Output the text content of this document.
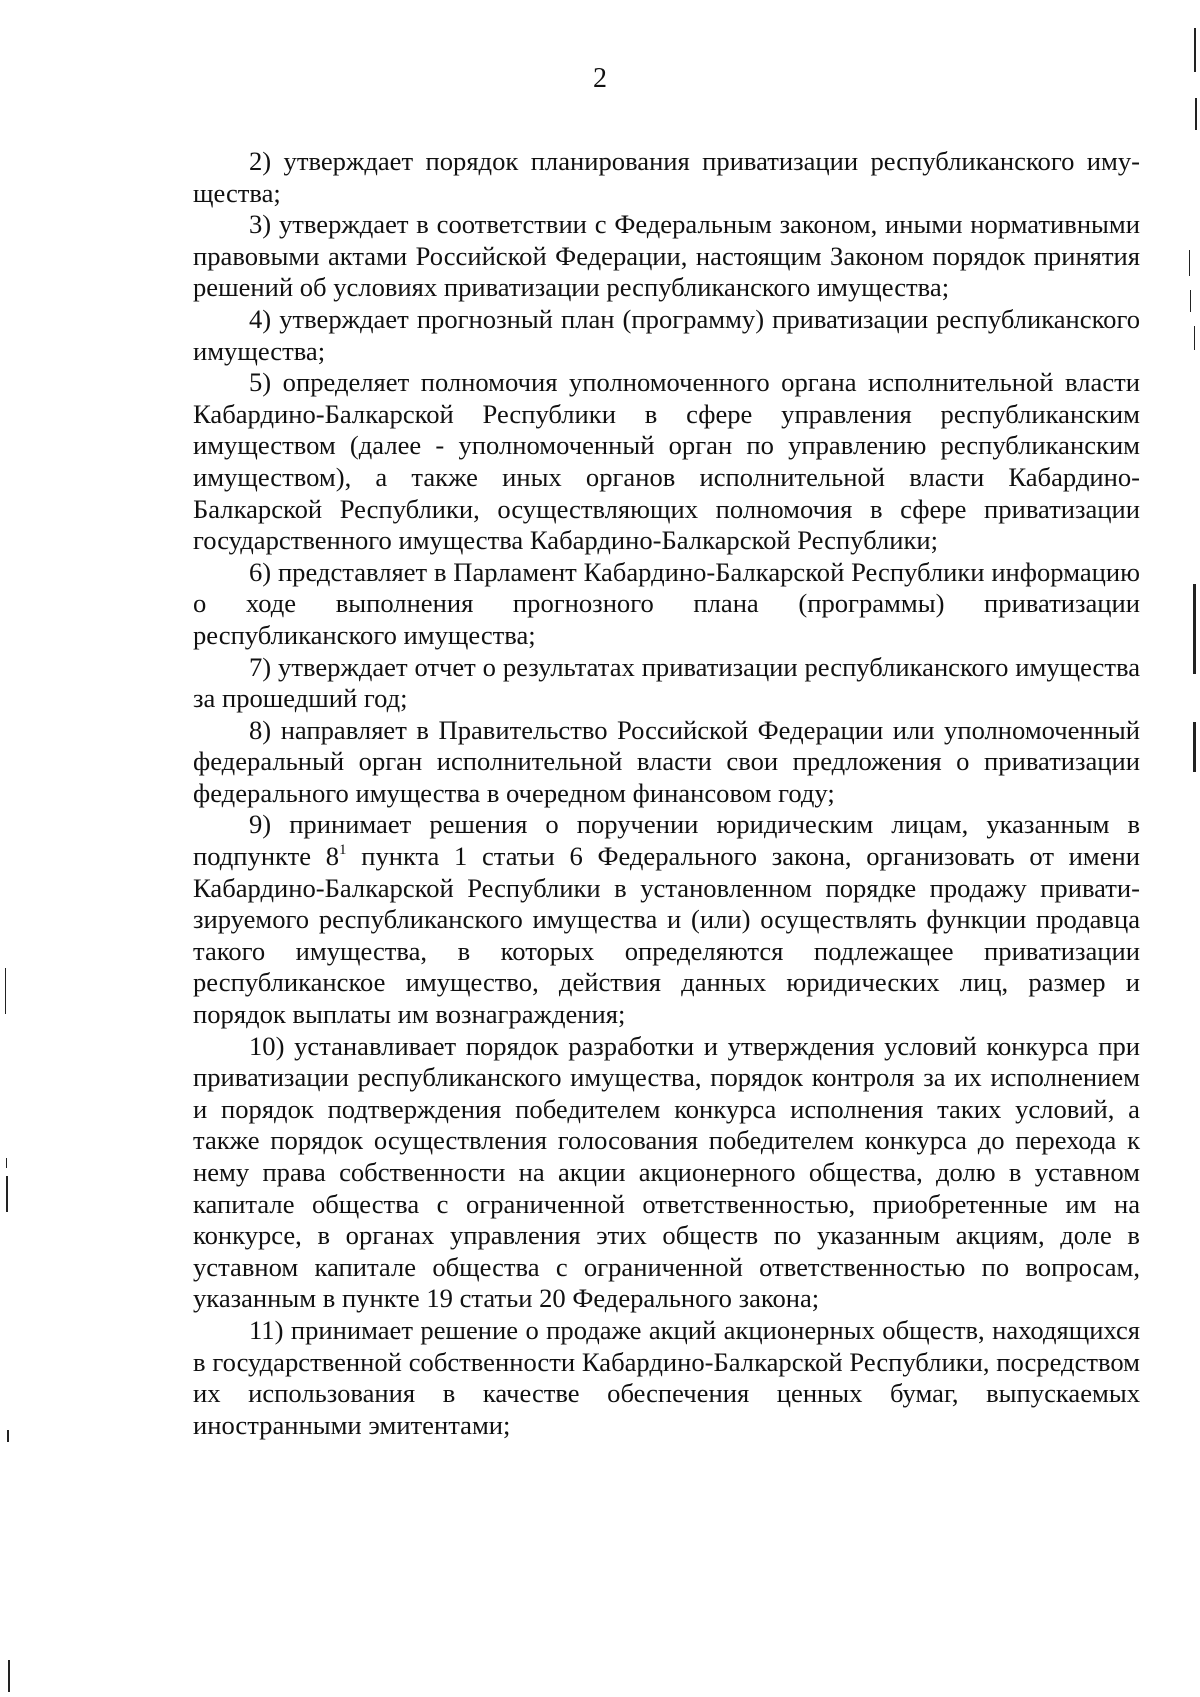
2

2) утверждает порядок планирования приватизации республиканского имущества;

3) утверждает в соответствии с Федеральным законом, иными нормативными правовыми актами Российской Федерации, настоящим Законом порядок принятия решений об условиях приватизации республиканского имущества;

4) утверждает прогнозный план (программу) приватизации республиканского имущества;

5) определяет полномочия уполномоченного органа исполнительной власти Кабардино-Балкарской Республики в сфере управления республиканским имуществом (далее - уполномоченный орган по управлению республиканским имуществом), а также иных органов исполнительной власти Кабардино-Балкарской Республики, осуществляющих полномочия в сфере приватизации государственного имущества Кабардино-Балкарской Республики;

6) представляет в Парламент Кабардино-Балкарской Республики информацию о ходе выполнения прогнозного плана (программы) приватизации республиканского имущества;

7) утверждает отчет о результатах приватизации республиканского имущества за прошедший год;

8) направляет в Правительство Российской Федерации или уполномоченный федеральный орган исполнительной власти свои предложения о приватизации федерального имущества в очередном финансовом году;

9) принимает решения о поручении юридическим лицам, указанным в подпункте $8^1$ пункта 1 статьи 6 Федерального закона, организовать от имени Кабардино-Балкарской Республики в установленном порядке продажу приватизируемого республиканского имущества и (или) осуществлять функции продавца такого имущества, в которых определяются подлежащее приватизации республиканское имущество, действия данных юридических лиц, размер и порядок выплаты им вознаграждения;

10) устанавливает порядок разработки и утверждения условий конкурса при приватизации республиканского имущества, порядок контроля за их исполнением и порядок подтверждения победителем конкурса исполнения таких условий, а также порядок осуществления голосования победителем конкурса до перехода к нему права собственности на акции акционерного общества, долю в уставном капитале общества с ограниченной ответственностью, приобретенные им на конкурсе, в органах управления этих обществ по указанным акциям, доле в уставном капитале общества с ограниченной ответственностью по вопросам, указанным в пункте 19 статьи 20 Федерального закона;

11) принимает решение о продаже акций акционерных обществ, находящихся в государственной собственности Кабардино-Балкарской Республики, посредством их использования в качестве обеспечения ценных бумаг, выпускаемых иностранными эмитентами;
